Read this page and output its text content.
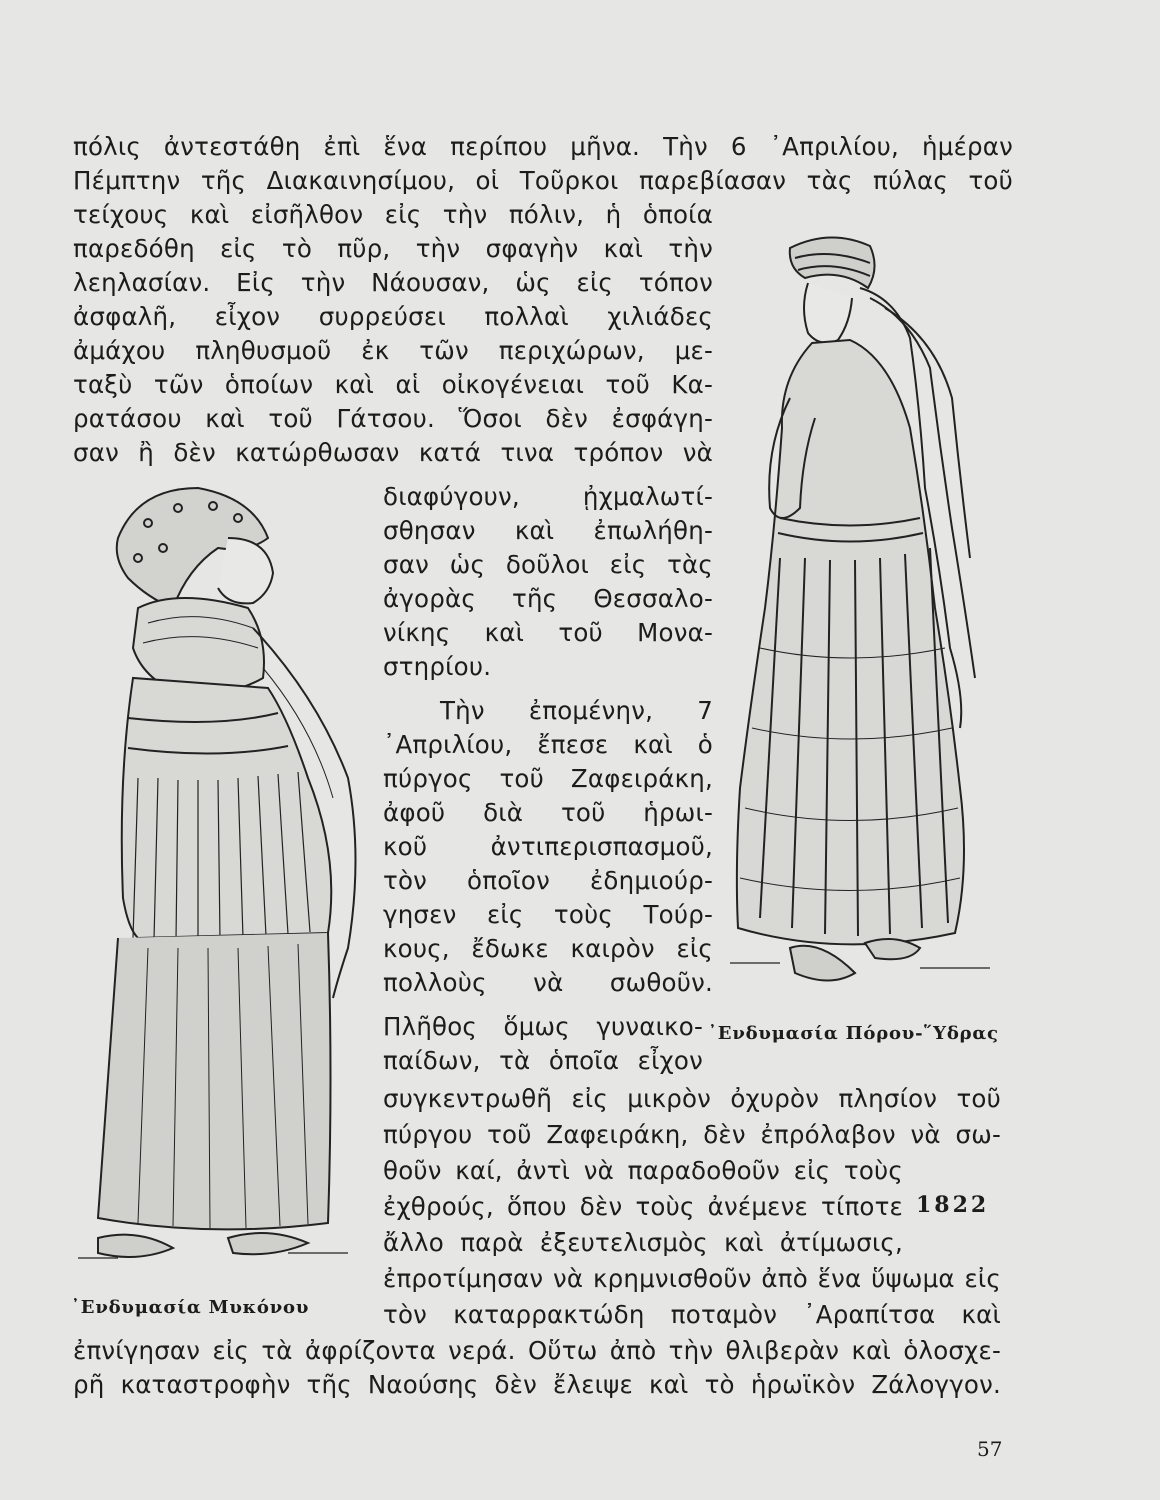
πόλις ἀντεστάθη ἐπὶ ἕνα περίπου μῆνα. Τὴν 6 ᾿Απριλίου, ἡμέραν
Πέμπτην τῆς Διακαινησίμου, οἱ Τοῦρκοι παρεβίασαν τὰς πύλας τοῦ
τείχους καὶ εἰσῆλθον εἰς τὴν πόλιν, ἡ ὁποία
παρεδόθη εἰς τὸ πῦρ, τὴν σφαγὴν καὶ τὴν
λεηλασίαν. Εἰς τὴν Νάουσαν, ὡς εἰς τόπον
ἀσφαλῆ, εἶχον συρρεύσει πολλαὶ χιλιάδες
ἀμάχου πληθυσμοῦ ἐκ τῶν περιχώρων, με-
ταξὺ τῶν ὁποίων καὶ αἱ οἰκογένειαι τοῦ Κα-
ρατάσου καὶ τοῦ Γάτσου. Ὅσοι δὲν ἐσφάγη-
σαν ἢ δὲν κατώρθωσαν κατά τινα τρόπον νὰ
διαφύγουν, ᾐχμαλωτί-
σθησαν καὶ ἐπωλήθη-
σαν ὡς δοῦλοι εἰς τὰς
ἀγορὰς τῆς Θεσσαλο-
νίκης καὶ τοῦ Μονα-
στηρίου.
Τὴν ἐπομένην, 7
᾿Απριλίου, ἔπεσε καὶ ὁ
πύργος τοῦ Ζαφειράκη,
ἀφοῦ διὰ τοῦ ἡρωι-
κοῦ ἀντιπερισπασμοῦ,
τὸν ὁποῖον ἐδημιούρ-
γησεν εἰς τοὺς Τούρ-
κους, ἔδωκε καιρὸν εἰς
πολλοὺς νὰ σωθοῦν.
Πλῆθος ὅμως γυναικο-
παίδων, τὰ ὁποῖα εἶχον
συγκεντρωθῆ εἰς μικρὸν ὀχυρὸν πλησίον τοῦ
πύργου τοῦ Ζαφειράκη, δὲν ἐπρόλαβον νὰ σω-
θοῦν καί, ἀντὶ νὰ παραδοθοῦν εἰς τοὺς
ἐχθρούς, ὅπου δὲν τοὺς ἀνέμενε τίποτε
ἄλλο παρὰ ἐξευτελισμὸς καὶ ἀτίμωσις,
ἐπροτίμησαν νὰ κρημνισθοῦν ἀπὸ ἕνα ὕψωμα εἰς
τὸν καταρρακτώδη ποταμὸν ᾿Αραπίτσα καὶ
ἐπνίγησαν εἰς τὰ ἀφρίζοντα νερά. Οὕτω ἀπὸ τὴν θλιβερὰν καὶ ὁλοσχε-
ρῆ καταστροφὴν τῆς Ναούσης δὲν ἔλειψε καὶ τὸ ἡρωϊκὸν Ζάλογγον.
᾿Ενδυμασία Πόρου-῞Υδρας
᾿Ενδυμασία Μυκόνου
1822
57
